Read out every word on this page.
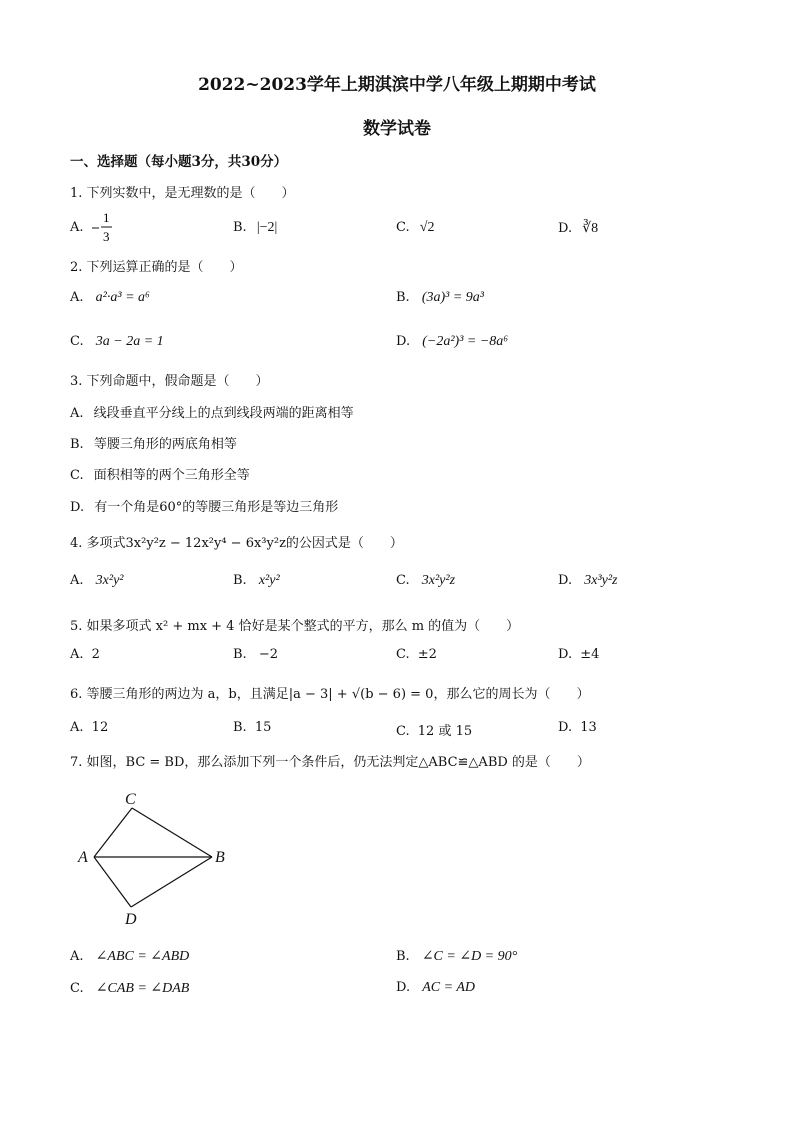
2022~2023学年上期淇滨中学八年级上期期中考试
数学试卷
一、选择题（每小题3分，共30分）
1. 下列实数中，是无理数的是（　　）
A.
1
3
B. |−2|	C. √2	D. ∛8
2. 下列运算正确的是（　　）
A. a²·a³ = a⁶	B. (3a)³ = 9a³
C. 3a − 2a = 1	D. (−2a²)³ = −8a⁶
3. 下列命题中，假命题是（　　）
A. 线段垂直平分线上的点到线段两端的距离相等
B. 等腰三角形的两底角相等
C. 面积相等的两个三角形全等
D. 有一个角是60°的等腰三角形是等边三角形
4. 多项式3x²y²z − 12x²y⁴ − 6x³y²z的公因式是（　　）
A. 3x²y²	B. x²y²	C. 3x²y²z	D. 3x³y²z
5. 如果多项式 x² + mx + 4 恰好是某个整式的平方，那么 m 的值为（　　）
A. 2	B. −2	C. ±2	D. ±4
6. 等腰三角形的两边为 a，b，且满足|a − 3| + √(b − 6) = 0，那么它的周长为（　　）
A. 12	B. 15	C. 12 或 15	D. 13
7. 如图，BC = BD，那么添加下列一个条件后，仍无法判定△ABC≌△ABD 的是（　　）
C
A	B
D
A. ∠ABC = ∠ABD	B. ∠C = ∠D = 90°
C. ∠CAB = ∠DAB	D. AC = AD
